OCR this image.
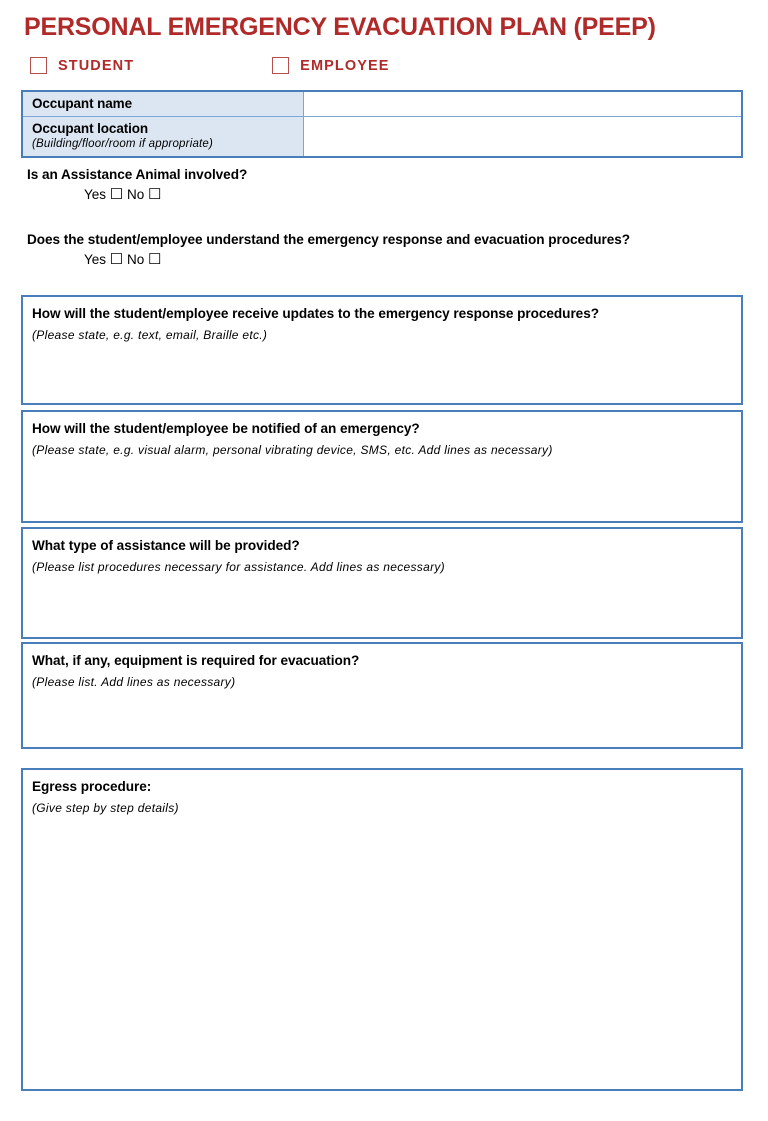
PERSONAL EMERGENCY EVACUATION PLAN (PEEP)
STUDENT	EMPLOYEE
Occupant name	

Occupant location
(Building/floor/room if appropriate)	

Is an Assistance Animal involved?
Yes ☐ No ☐
Does the student/employee understand the emergency response and evacuation procedures?
Yes ☐ No ☐
How will the student/employee receive updates to the emergency response procedures?
(Please state, e.g. text, email, Braille etc.)
How will the student/employee be notified of an emergency?
(Please state, e.g. visual alarm, personal vibrating device, SMS, etc. Add lines as necessary)
What type of assistance will be provided?
(Please list procedures necessary for assistance. Add lines as necessary)
What, if any, equipment is required for evacuation?
(Please list. Add lines as necessary)
Egress procedure:
(Give step by step details)
